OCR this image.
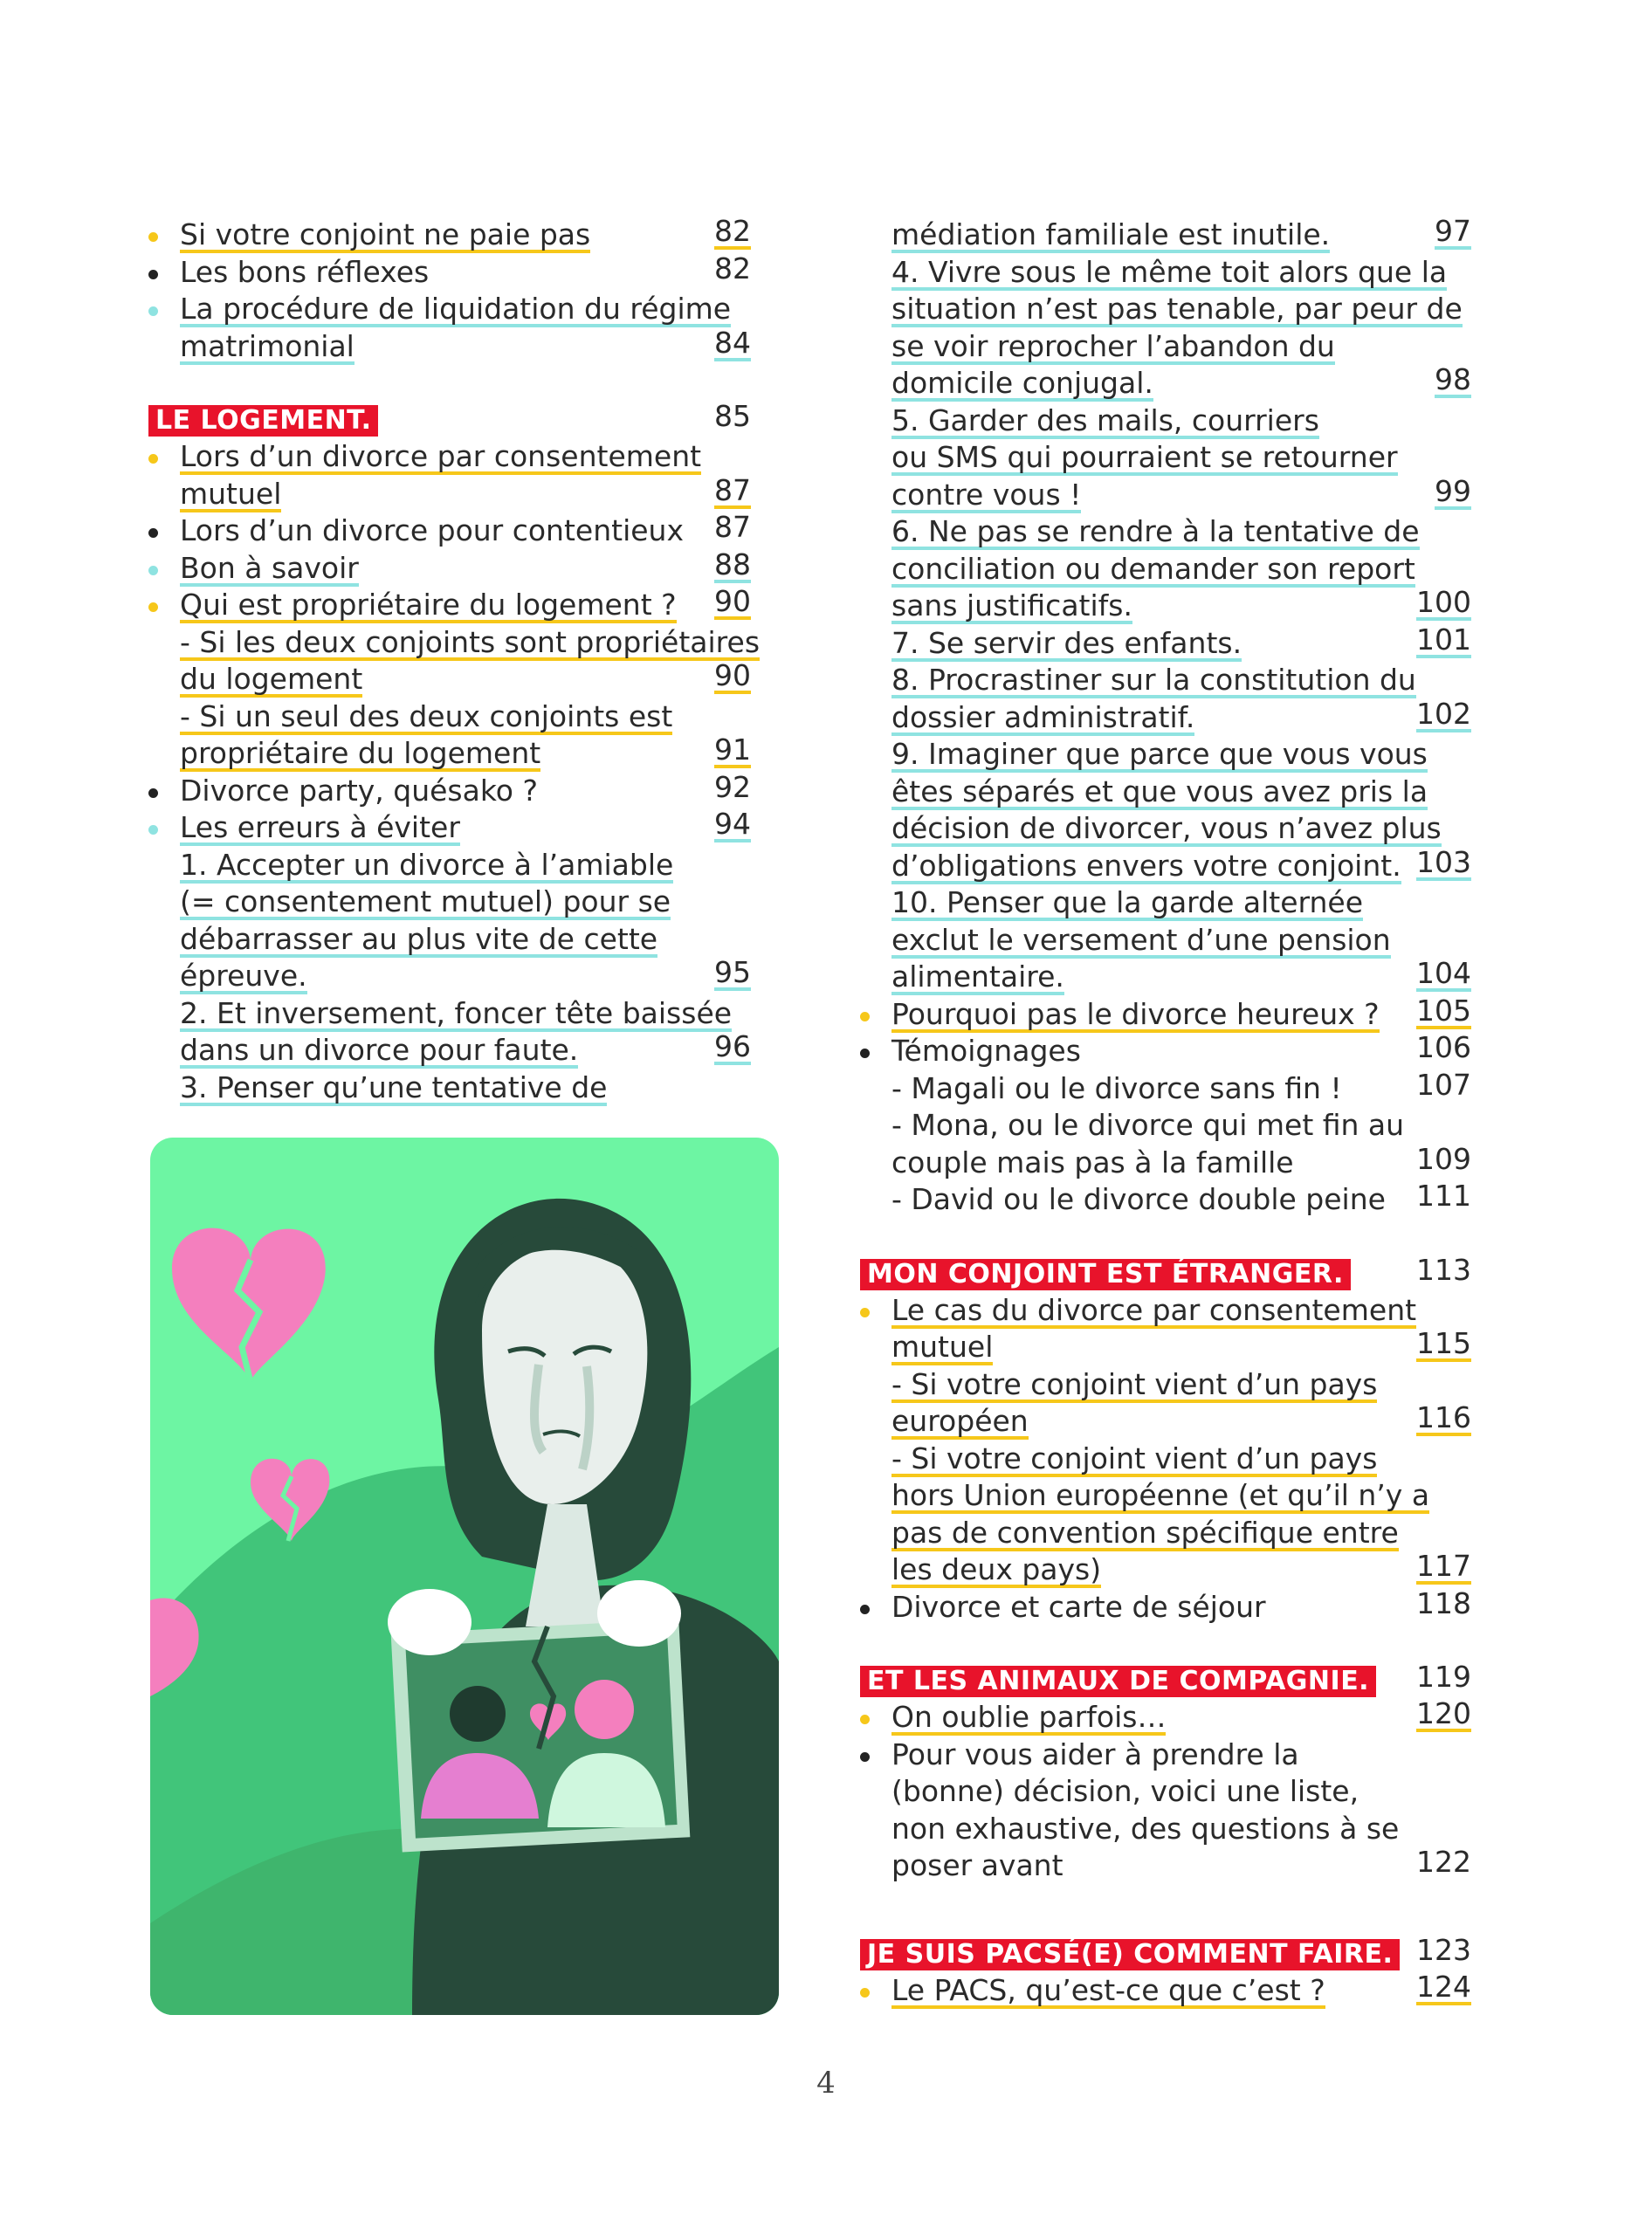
Si votre conjoint ne paie pas	82
Les bons réflexes	82
La procédure de liquidation du régime
matrimonial	84
LE LOGEMENT.	85
Lors d’un divorce par consentement
mutuel	87
Lors d’un divorce pour contentieux 87
Bon à savoir	88
Qui est propriétaire du logement ? 90
- Si les deux conjoints sont propriétaires
du logement	90
- Si un seul des deux conjoints est
propriétaire du logement	91
Divorce party, quésako ?	92
Les erreurs à éviter	94
1. Accepter un divorce à l’amiable
(= consentement mutuel) pour se
débarrasser au plus vite de cette
épreuve.	95
2. Et inversement, foncer tête baissée
dans un divorce pour faute.	96
3. Penser qu’une tentative de
médiation familiale est inutile.	97
4. Vivre sous le même toit alors que la
situation n’est pas tenable, par peur de
se voir reprocher l’abandon du
domicile conjugal.	98
5. Garder des mails, courriers
ou SMS qui pourraient se retourner
contre vous !	99
6. Ne pas se rendre à la tentative de
conciliation ou demander son report
sans justificatifs.	100
7. Se servir des enfants.	101
8. Procrastiner sur la constitution du
dossier administratif.	102
9. Imaginer que parce que vous vous
êtes séparés et que vous avez pris la
décision de divorcer, vous n’avez plus
d’obligations envers votre conjoint. 103
10. Penser que la garde alternée
exclut le versement d’une pension
alimentaire.	104
Pourquoi pas le divorce heureux ? 105
Témoignages	106
- Magali ou le divorce sans fin !	107
- Mona, ou le divorce qui met fin au
couple mais pas à la famille	109
- David ou le divorce double peine 111
MON CONJOINT EST ÉTRANGER.	113
Le cas du divorce par consentement
mutuel	115
- Si votre conjoint vient d’un pays
européen	116
- Si votre conjoint vient d’un pays
hors Union européenne (et qu’il n’y a
pas de convention spécifique entre
les deux pays)	117
Divorce et carte de séjour	118
ET LES ANIMAUX DE COMPAGNIE. 119
On oublie parfois…	120
Pour vous aider à prendre la
(bonne) décision, voici une liste,
non exhaustive, des questions à se
poser avant	122
JE SUIS PACSÉ(E) COMMENT FAIRE. 123
Le PACS, qu’est-ce que c’est ?	124
4
